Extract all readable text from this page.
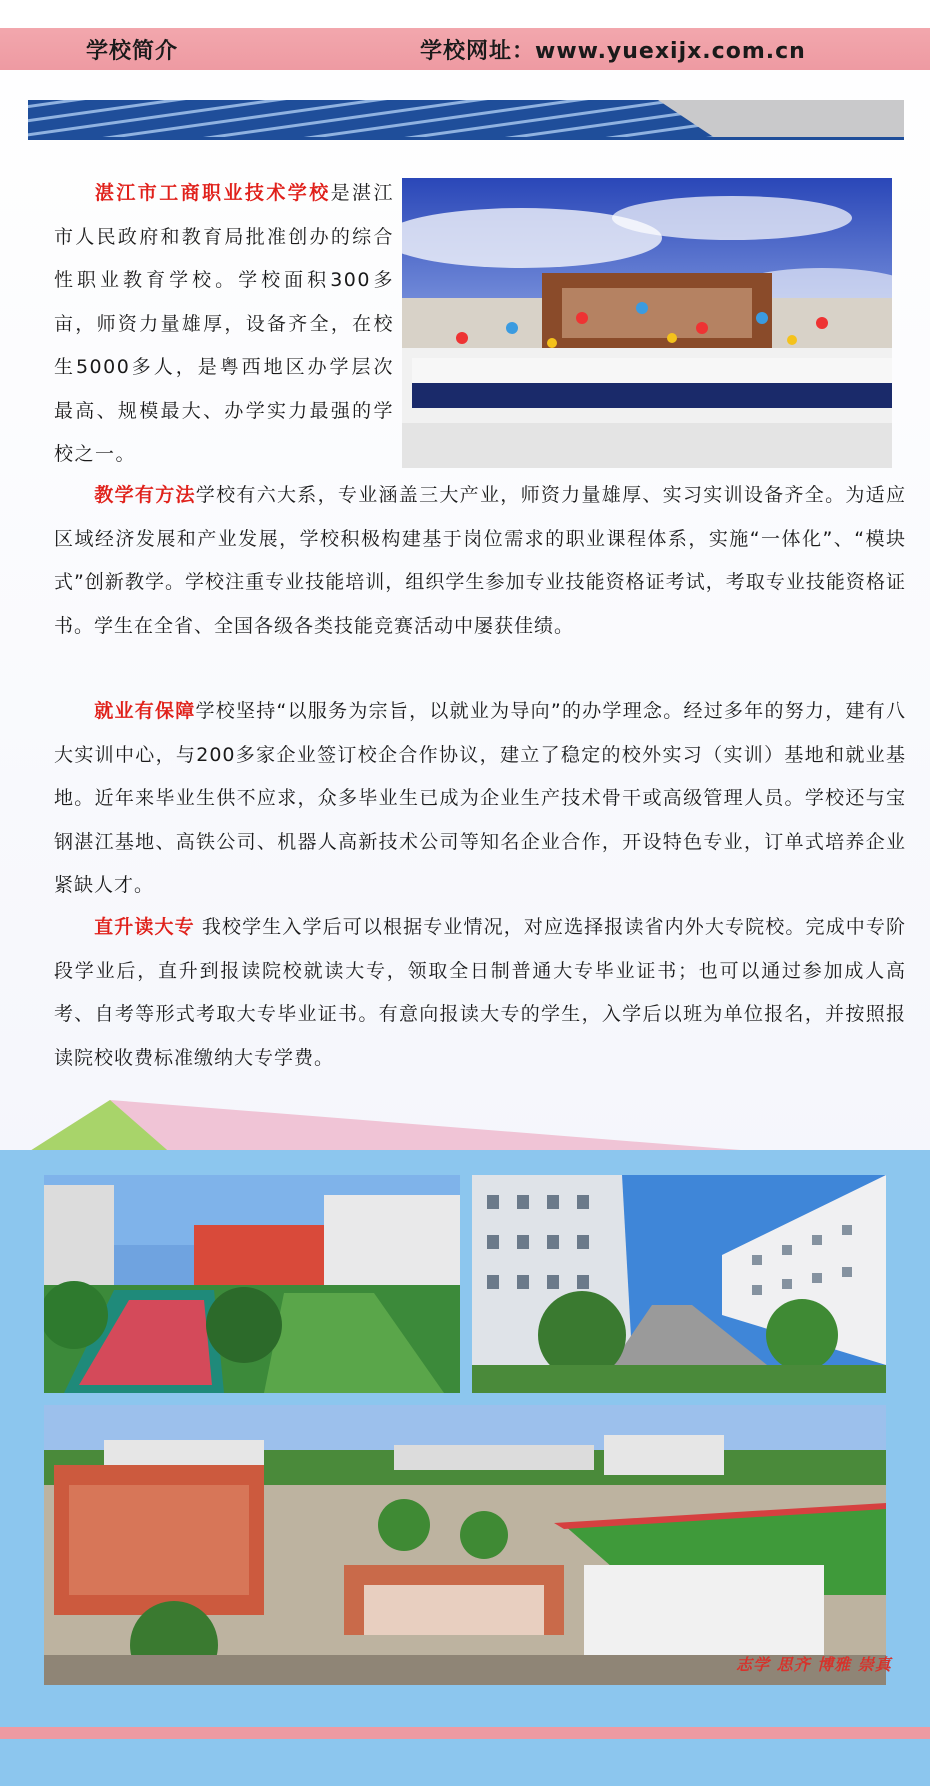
学校简介	学校网址：www.yuexijx.com.cn
湛江市工商职业技术学校是湛江市人民政府和教育局批准创办的综合性职业教育学校。学校面积300多亩，师资力量雄厚，设备齐全，在校生5000多人，是粤西地区办学层次最高、规模最大、办学实力最强的学校之一。
教学有方法学校有六大系，专业涵盖三大产业，师资力量雄厚、实习实训设备齐全。为适应区域经济发展和产业发展，学校积极构建基于岗位需求的职业课程体系，实施“一体化”、“模块式”创新教学。学校注重专业技能培训，组织学生参加专业技能资格证考试，考取专业技能资格证书。学生在全省、全国各级各类技能竞赛活动中屡获佳绩。
就业有保障学校坚持“以服务为宗旨，以就业为导向”的办学理念。经过多年的努力，建有八大实训中心，与200多家企业签订校企合作协议，建立了稳定的校外实习（实训）基地和就业基地。近年来毕业生供不应求，众多毕业生已成为企业生产技术骨干或高级管理人员。学校还与宝钢湛江基地、高铁公司、机器人高新技术公司等知名企业合作，开设特色专业，订单式培养企业紧缺人才。
直升读大专 我校学生入学后可以根据专业情况，对应选择报读省内外大专院校。完成中专阶段学业后，直升到报读院校就读大专，领取全日制普通大专毕业证书；也可以通过参加成人高考、自考等形式考取大专毕业证书。有意向报读大专的学生，入学后以班为单位报名，并按照报读院校收费标准缴纳大专学费。
志学 思齐 博雅 崇真
